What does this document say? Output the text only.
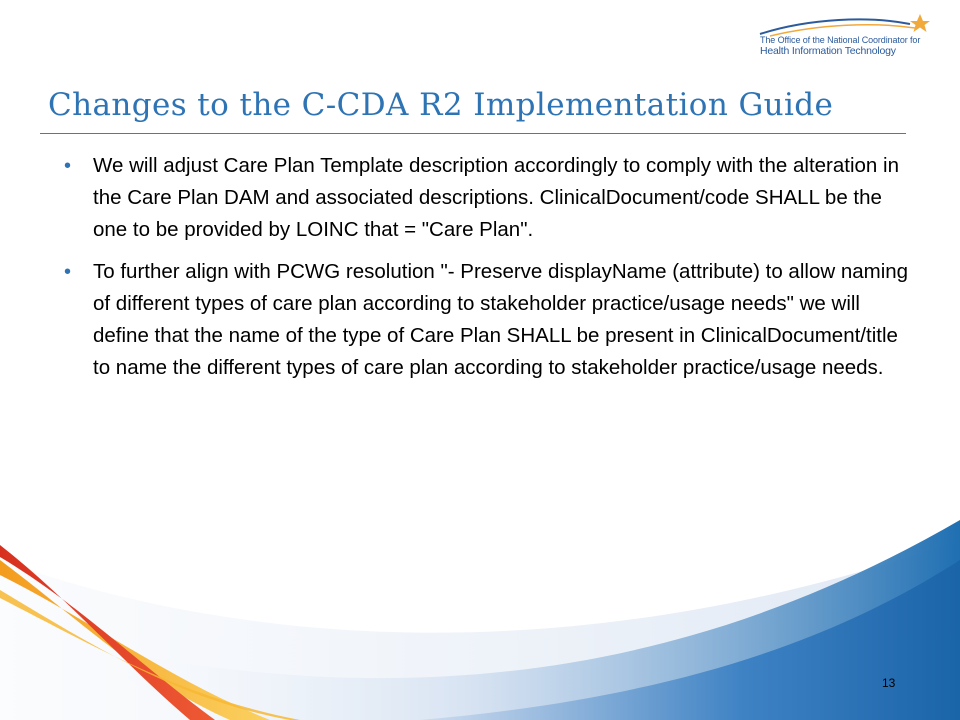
The Office of the National Coordinator for
Health Information Technology
Changes to the C-CDA R2 Implementation Guide
• We will adjust Care Plan Template description accordingly to comply with the alteration in the Care Plan DAM and associated descriptions. ClinicalDocument/code SHALL be the one to be provided by LOINC that = "Care Plan".
• To further align with PCWG resolution "- Preserve displayName (attribute) to allow naming of different types of care plan according to stakeholder practice/usage needs" we will define that the name of the type of Care Plan SHALL be present in ClinicalDocument/title to name the different types of care plan according to stakeholder practice/usage needs.
13
